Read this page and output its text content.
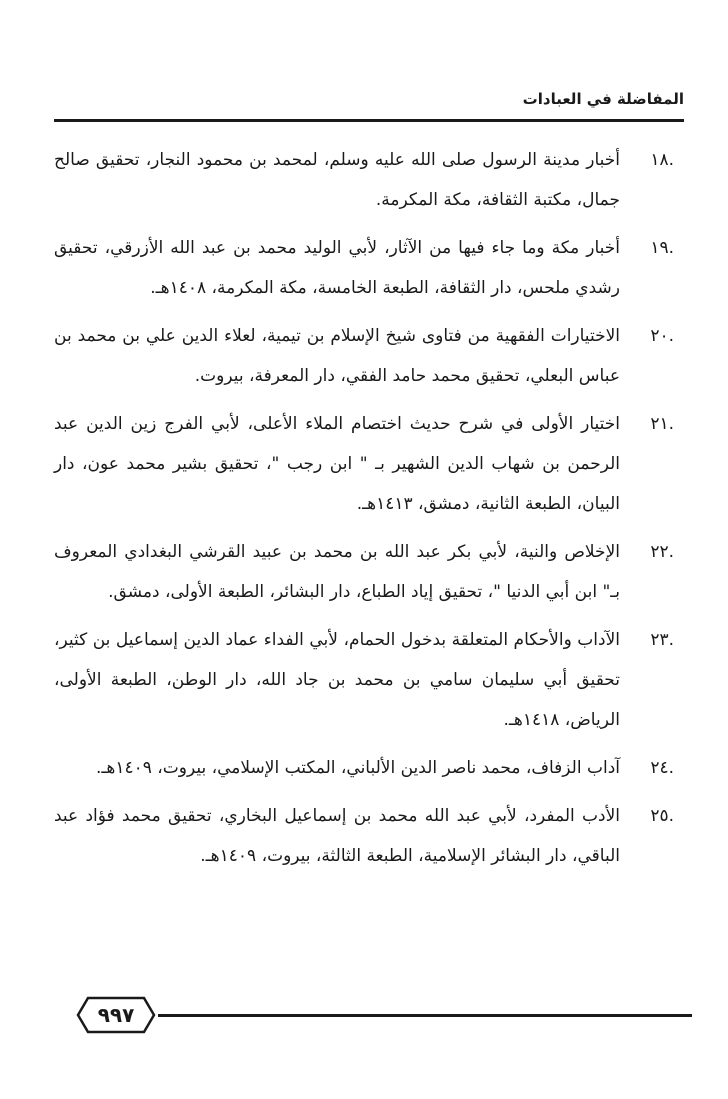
المفاضلة في العبادات
.١٨
أخبار مدينة الرسول صلى الله عليه وسلم، لمحمد بن محمود النجار، تحقيق صالح جمال، مكتبة الثقافة، مكة المكرمة.
.١٩
أخبار مكة وما جاء فيها من الآثار، لأبي الوليد محمد بن عبد الله الأزرقي، تحقيق رشدي ملحس، دار الثقافة، الطبعة الخامسة، مكة المكرمة، ١٤٠٨هـ.
.٢٠
الاختيارات الفقهية من فتاوى شيخ الإسلام بن تيمية، لعلاء الدين علي بن محمد بن عباس البعلي، تحقيق محمد حامد الفقي، دار المعرفة، بيروت.
.٢١
اختيار الأولى في شرح حديث اختصام الملاء الأعلى، لأبي الفرج زين الدين عبد الرحمن بن شهاب الدين الشهير بـ " ابن رجب "، تحقيق بشير محمد عون، دار البيان، الطبعة الثانية، دمشق، ١٤١٣هـ.
.٢٢
الإخلاص والنية، لأبي بكر عبد الله بن محمد بن عبيد القرشي البغدادي المعروف بـ" ابن أبي الدنيا "، تحقيق إياد الطباع، دار البشائر، الطبعة الأولى، دمشق.
.٢٣
الآداب والأحكام المتعلقة بدخول الحمام، لأبي الفداء عماد الدين إسماعيل بن كثير، تحقيق أبي سليمان سامي بن محمد بن جاد الله، دار الوطن، الطبعة الأولى، الرياض، ١٤١٨هـ.
.٢٤
آداب الزفاف، محمد ناصر الدين الألباني، المكتب الإسلامي، بيروت، ١٤٠٩هـ.
.٢٥
الأدب المفرد، لأبي عبد الله محمد بن إسماعيل البخاري، تحقيق محمد فؤاد عبد الباقي، دار البشائر الإسلامية، الطبعة الثالثة، بيروت، ١٤٠٩هـ.
٩٩٧
